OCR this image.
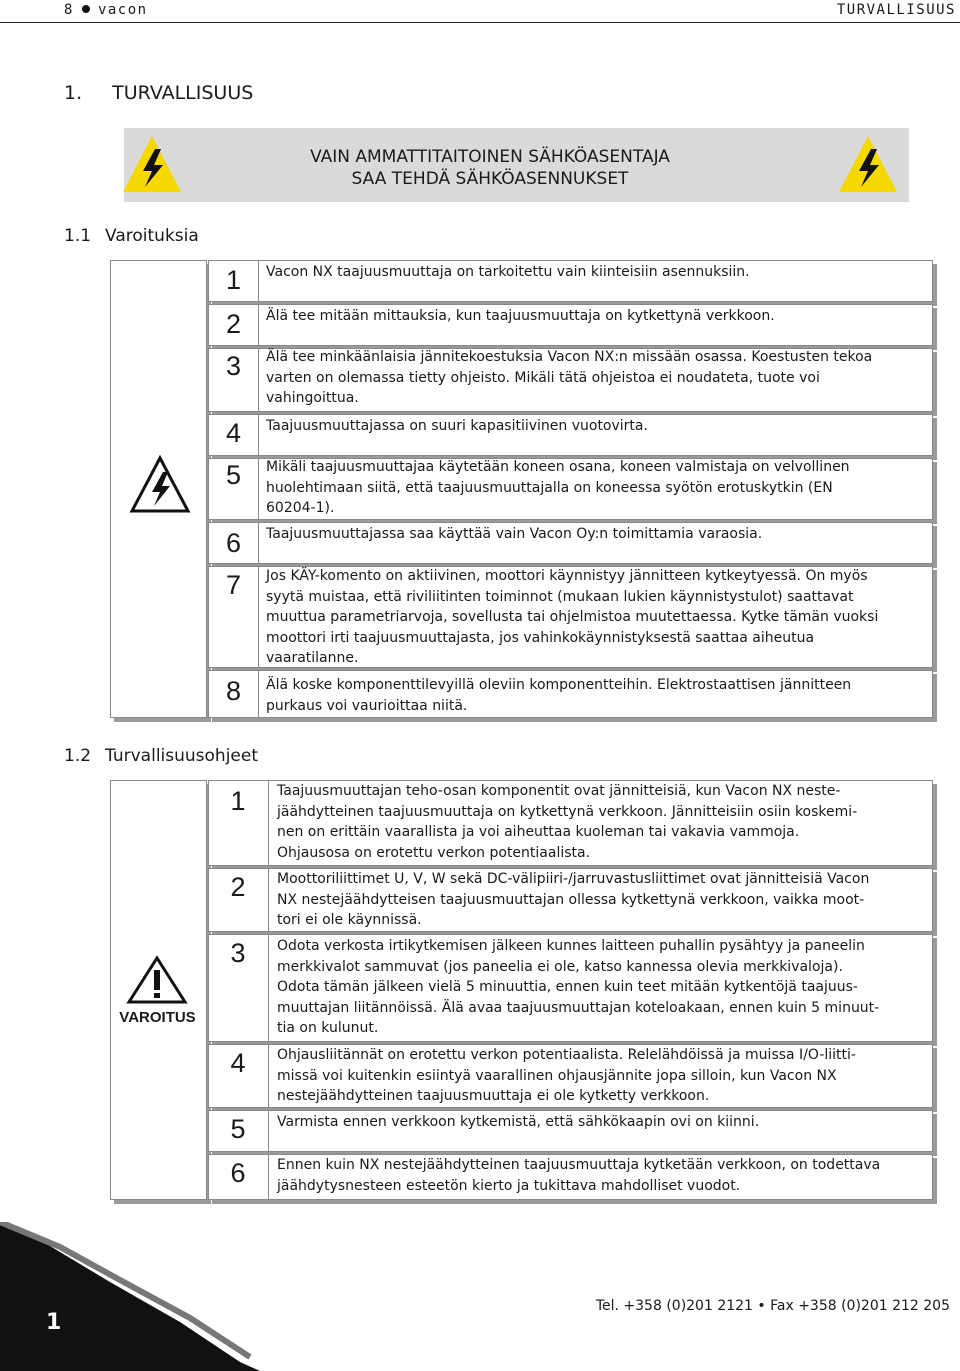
8 vacon	TURVALLISUUS
1. TURVALLISUUS
VAIN AMMATTITAITOINEN SÄHKÖASENTAJA
SAA TEHDÄ SÄHKÖASENNUKSET
1.1 Varoituksia
1
2
3
4
5
6
7
8
Vacon NX taajuusmuuttaja on tarkoitettu vain kiinteisiin asennuksiin.
Älä tee mitään mittauksia, kun taajuusmuuttaja on kytkettynä verkkoon.
Älä tee minkäänlaisia jännitekoestuksia Vacon NX:n missään osassa. Koestusten tekoa
varten on olemassa tietty ohjeisto. Mikäli tätä ohjeistoa ei noudateta, tuote voi
vahingoittua.
Taajuusmuuttajassa on suuri kapasitiivinen vuotovirta.
Mikäli taajuusmuuttajaa käytetään koneen osana, koneen valmistaja on velvollinen
huolehtimaan siitä, että taajuusmuuttajalla on koneessa syötön erotuskytkin (EN
60204-1).
Taajuusmuuttajassa saa käyttää vain Vacon Oy:n toimittamia varaosia.
Jos KÄY-komento on aktiivinen, moottori käynnistyy jännitteen kytkeytyessä. On myös
syytä muistaa, että riviliitinten toiminnot (mukaan lukien käynnistystulot) saattavat
muuttua parametriarvoja, sovellusta tai ohjelmistoa muutettaessa. Kytke tämän vuoksi
moottori irti taajuusmuuttajasta, jos vahinkokäynnistyksestä saattaa aiheutua
vaaratilanne.
Älä koske komponenttilevyillä oleviin komponentteihin. Elektrostaattisen jännitteen
purkaus voi vaurioittaa niitä.
1.2 Turvallisuusohjeet
VAROITUS
1
2
3
4
5
6
Taajuusmuuttajan teho-osan komponentit ovat jännitteisiä, kun Vacon NX neste-
jäähdytteinen taajuusmuuttaja on kytkettynä verkkoon. Jännitteisiin osiin koskemi-
nen on erittäin vaarallista ja voi aiheuttaa kuoleman tai vakavia vammoja.
Ohjausosa on erotettu verkon potentiaalista.
Moottoriliittimet U, V, W sekä DC-välipiiri-/jarruvastusliittimet ovat jännitteisiä Vacon
NX nestejäähdytteisen taajuusmuuttajan ollessa kytkettynä verkkoon, vaikka moot-
tori ei ole käynnissä.
Odota verkosta irtikytkemisen jälkeen kunnes laitteen puhallin pysähtyy ja paneelin
merkkivalot sammuvat (jos paneelia ei ole, katso kannessa olevia merkkivaloja).
Odota tämän jälkeen vielä 5 minuuttia, ennen kuin teet mitään kytkentöjä taajuus-
muuttajan liitännöissä. Älä avaa taajuusmuuttajan koteloakaan, ennen kuin 5 minuut-
tia on kulunut.
Ohjausliitännät on erotettu verkon potentiaalista. Relelähdöissä ja muissa I/O-liitti-
missä voi kuitenkin esiintyä vaarallinen ohjausjännite jopa silloin, kun Vacon NX
nestejäähdytteinen taajuusmuuttaja ei ole kytketty verkkoon.
Varmista ennen verkkoon kytkemistä, että sähkökaapin ovi on kiinni.
Ennen kuin NX nestejäähdytteinen taajuusmuuttaja kytketään verkkoon, on todettava
jäähdytysnesteen esteetön kierto ja tukittava mahdolliset vuodot.
1
Tel. +358 (0)201 2121 • Fax +358 (0)201 212 205
